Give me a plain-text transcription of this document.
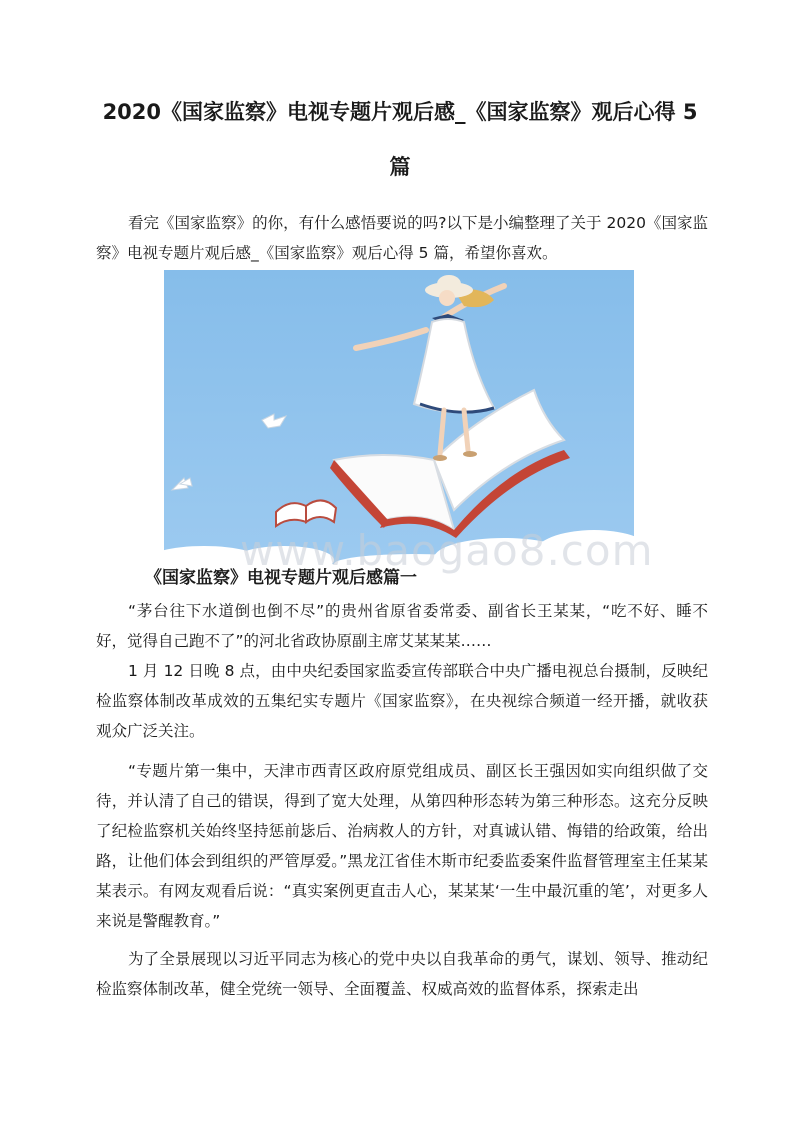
2020《国家监察》电视专题片观后感_《国家监察》观后心得 5
篇

看完《国家监察》的你，有什么感悟要说的吗?以下是小编整理了关于 2020《国家监察》电视专题片观后感_《国家监察》观后心得 5 篇，希望你喜欢。

www.baogao8.com
《国家监察》电视专题片观后感篇一

“茅台往下水道倒也倒不尽”的贵州省原省委常委、副省长王某某，“吃不好、睡不好，觉得自己跑不了”的河北省政协原副主席艾某某某……

1 月 12 日晚 8 点，由中央纪委国家监委宣传部联合中央广播电视总台摄制，反映纪检监察体制改革成效的五集纪实专题片《国家监察》，在央视综合频道一经开播，就收获观众广泛关注。

“专题片第一集中，天津市西青区政府原党组成员、副区长王强因如实向组织做了交待，并认清了自己的错误，得到了宽大处理，从第四种形态转为第三种形态。这充分反映了纪检监察机关始终坚持惩前毖后、治病救人的方针，对真诚认错、悔错的给政策，给出路，让他们体会到组织的严管厚爱。”黑龙江省佳木斯市纪委监委案件监督管理室主任某某某表示。有网友观看后说：“真实案例更直击人心，某某某‘一生中最沉重的笔’，对更多人来说是警醒教育。”

为了全景展现以习近平同志为核心的党中央以自我革命的勇气，谋划、领导、推动纪检监察体制改革，健全党统一领导、全面覆盖、权威高效的监督体系，探索走出
